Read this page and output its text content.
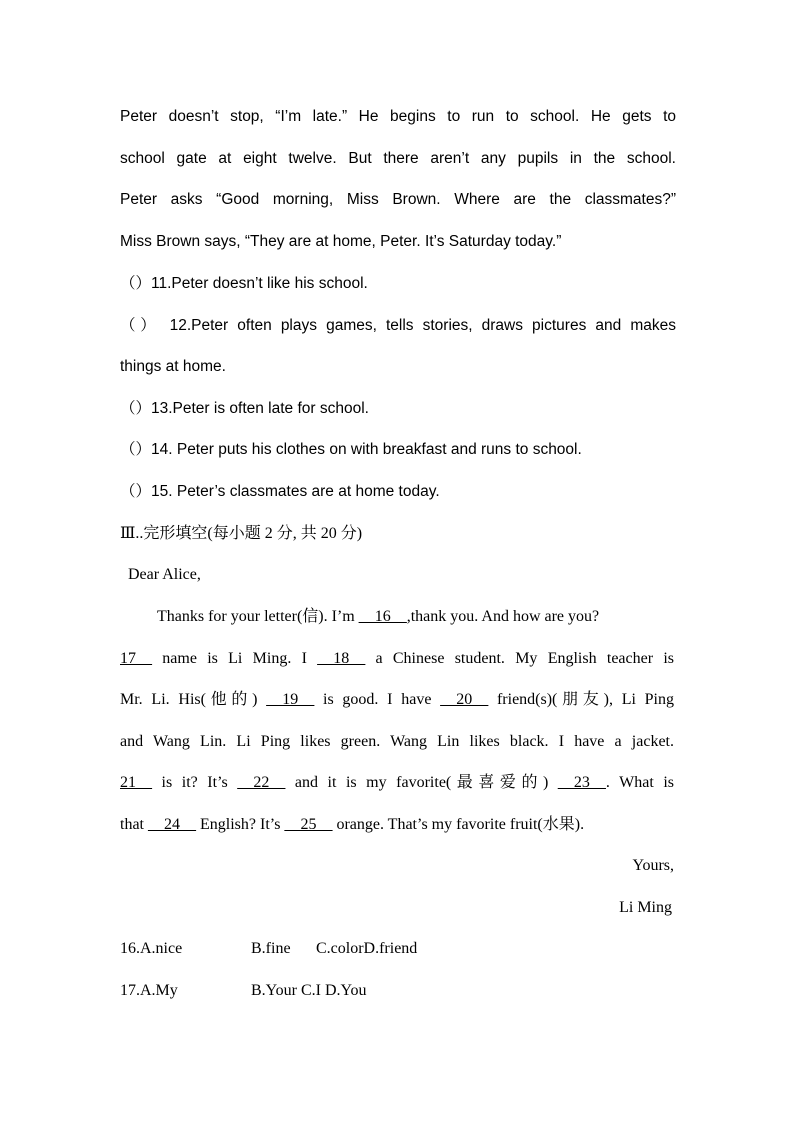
Peter doesn’t stop, “I’m late.” He begins to run to school. He gets to
school gate at eight twelve. But there aren’t any pupils in the school.
Peter asks “Good morning, Miss Brown. Where are the classmates?”
Miss Brown says, “They are at home, Peter. It’s Saturday today.”
（）11.Peter doesn’t like his school.
（） 12.Peter often plays games, tells stories, draws pictures and makes
things at home.
（）13.Peter is often late for school.
（）14. Peter puts his clothes on with breakfast and runs to school.
（）15. Peter’s classmates are at home today.
Ⅲ..完形填空(每小题 2 分, 共 20 分)
Dear Alice,
Thanks for your letter(信). I’m __16__,thank you. And how are you?
17__ name is Li Ming. I __18__ a Chinese student. My English teacher is
Mr. Li. His(他的) __19__ is good. I have __20__ friend(s)(朋友), Li Ping
and Wang Lin. Li Ping likes green. Wang Lin likes black. I have a jacket.
21__ is it? It’s __22__ and it is my favorite(最喜爱的) __23__. What is
that __24__ English? It’s __25__ orange. That’s my favorite fruit(水果).
Yours,
Li Ming
16.A.nice	B.fine C.colorD.friend
17.A.My	B.Your C.I D.You
